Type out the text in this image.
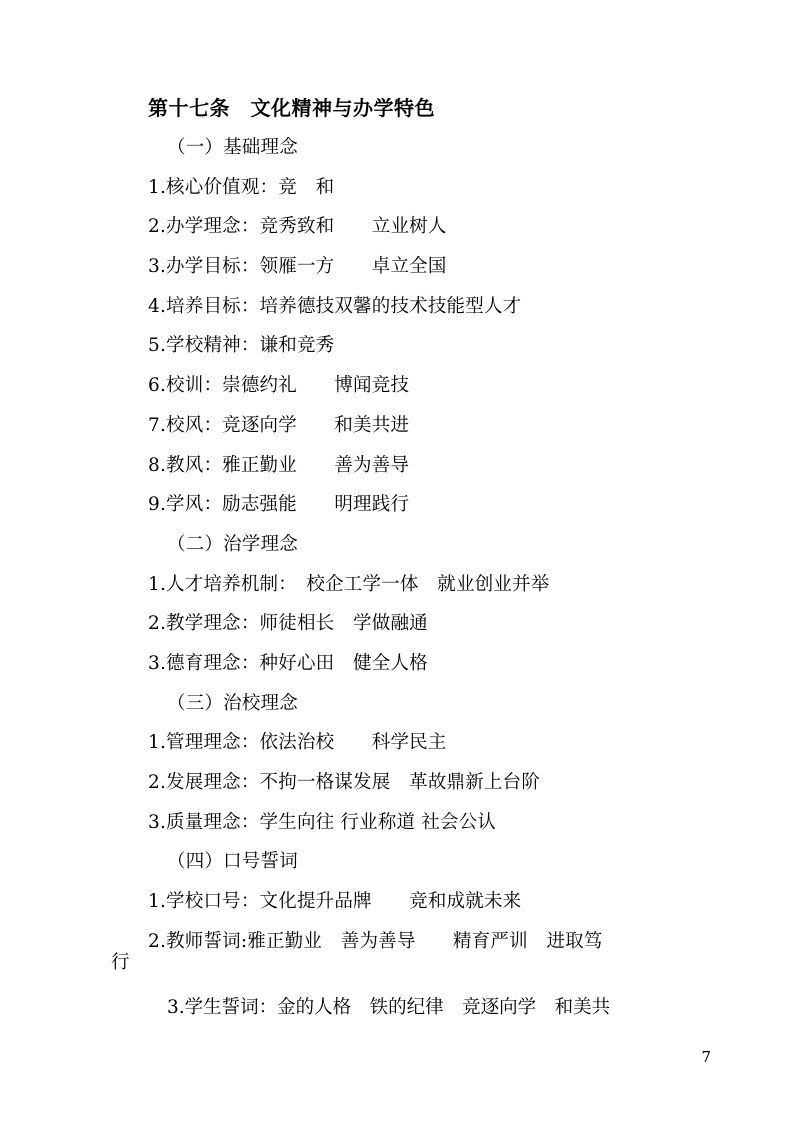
第十七条　文化精神与办学特色
（一）基础理念
1.核心价值观：竞　和
2.办学理念：竞秀致和　　立业树人
3.办学目标：领雁一方　　卓立全国
4.培养目标：培养德技双馨的技术技能型人才
5.学校精神：谦和竞秀
6.校训：崇德约礼　　博闻竞技
7.校风：竞逐向学　　和美共进
8.教风：雅正勤业　　善为善导
9.学风：励志强能　　明理践行
（二）治学理念
1.人才培养机制：　校企工学一体　就业创业并举
2.教学理念：师徒相长　学做融通
3.德育理念：种好心田　健全人格
（三）治校理念
1.管理理念：依法治校　　科学民主
2.发展理念：不拘一格谋发展　革故鼎新上台阶
3.质量理念：学生向往 行业称道 社会公认
（四）口号誓词
1.学校口号：文化提升品牌　　竞和成就未来
2.教师誓词:雅正勤业　善为善导　　精育严训　进取笃
行
3.学生誓词：金的人格　铁的纪律　竞逐向学　和美共
7
